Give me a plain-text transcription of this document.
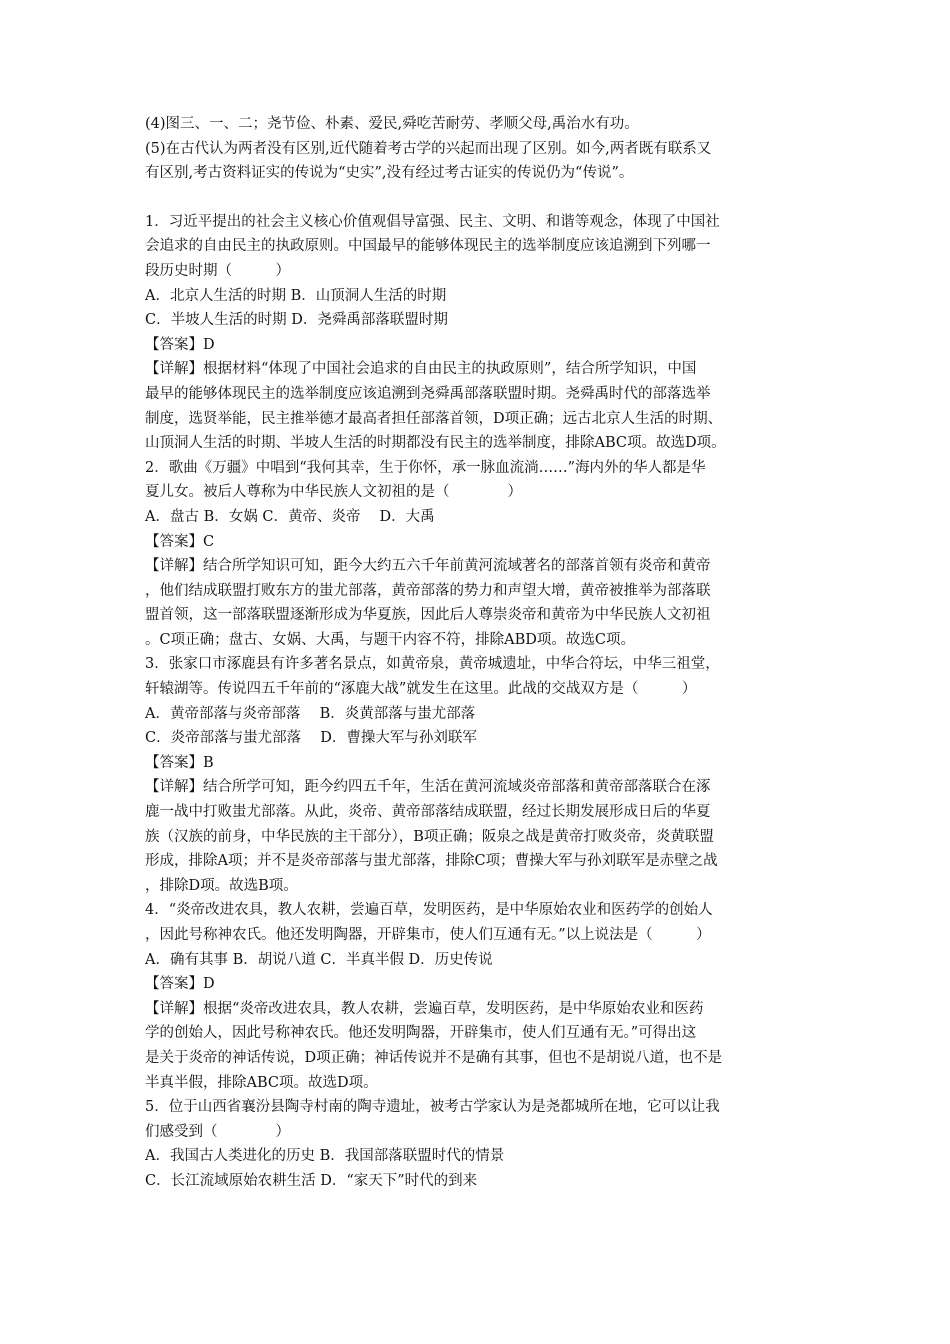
(4)图三、一、二；尧节俭、朴素、爱民,舜吃苦耐劳、孝顺父母,禹治水有功。
(5)在古代认为两者没有区别,近代随着考古学的兴起而出现了区别。如今,两者既有联系又
有区别,考古资料证实的传说为“史实”,没有经过考古证实的传说仍为“传说”。
1．习近平提出的社会主义核心价值观倡导富强、民主、文明、和谐等观念，体现了中国社
会追求的自由民主的执政原则。中国最早的能够体现民主的选举制度应该追溯到下列哪一
段历史时期（　　　）
A．北京人生活的时期 B．山顶洞人生活的时期
C．半坡人生活的时期 D．尧舜禹部落联盟时期
【答案】D
【详解】根据材料“体现了中国社会追求的自由民主的执政原则”，结合所学知识，中国
最早的能够体现民主的选举制度应该追溯到尧舜禹部落联盟时期。尧舜禹时代的部落选举
制度，选贤举能，民主推举德才最高者担任部落首领，D项正确；远古北京人生活的时期、
山顶洞人生活的时期、半坡人生活的时期都没有民主的选举制度，排除ABC项。故选D项。
2．歌曲《万疆》中唱到“我何其幸，生于你怀，承一脉血流淌……”海内外的华人都是华
夏儿女。被后人尊称为中华民族人文初祖的是（　　　　）
A．盘古 B．女娲 C．黄帝、炎帝　 D．大禹
【答案】C
【详解】结合所学知识可知，距今大约五六千年前黄河流域著名的部落首领有炎帝和黄帝
，他们结成联盟打败东方的蚩尤部落，黄帝部落的势力和声望大增，黄帝被推举为部落联
盟首领，这一部落联盟逐渐形成为华夏族，因此后人尊崇炎帝和黄帝为中华民族人文初祖
。C项正确；盘古、女娲、大禹，与题干内容不符，排除ABD项。故选C项。
3．张家口市涿鹿县有许多著名景点，如黄帝泉，黄帝城遗址，中华合符坛，中华三祖堂，
轩辕湖等。传说四五千年前的“涿鹿大战”就发生在这里。此战的交战双方是（　　　）
A．黄帝部落与炎帝部落　 B．炎黄部落与蚩尤部落
C．炎帝部落与蚩尤部落　 D．曹操大军与孙刘联军
【答案】B
【详解】结合所学可知，距今约四五千年，生活在黄河流域炎帝部落和黄帝部落联合在涿
鹿一战中打败蚩尤部落。从此，炎帝、黄帝部落结成联盟，经过长期发展形成日后的华夏
族（汉族的前身，中华民族的主干部分），B项正确；阪泉之战是黄帝打败炎帝，炎黄联盟
形成，排除A项；并不是炎帝部落与蚩尤部落，排除C项；曹操大军与孙刘联军是赤壁之战
，排除D项。故选B项。
4．“炎帝改进农具，教人农耕，尝遍百草，发明医药，是中华原始农业和医药学的创始人
，因此号称神农氏。他还发明陶器，开辟集市，使人们互通有无。”以上说法是（　　　）
A．确有其事 B．胡说八道 C．半真半假 D．历史传说
【答案】D
【详解】根据“炎帝改进农具，教人农耕，尝遍百草，发明医药，是中华原始农业和医药
学的创始人，因此号称神农氏。他还发明陶器，开辟集市，使人们互通有无。”可得出这
是关于炎帝的神话传说，D项正确；神话传说并不是确有其事，但也不是胡说八道，也不是
半真半假，排除ABC项。故选D项。
5．位于山西省襄汾县陶寺村南的陶寺遗址，被考古学家认为是尧都城所在地，它可以让我
们感受到（　　　　）
A．我国古人类进化的历史 B．我国部落联盟时代的情景
C．长江流域原始农耕生活 D．“家天下”时代的到来
